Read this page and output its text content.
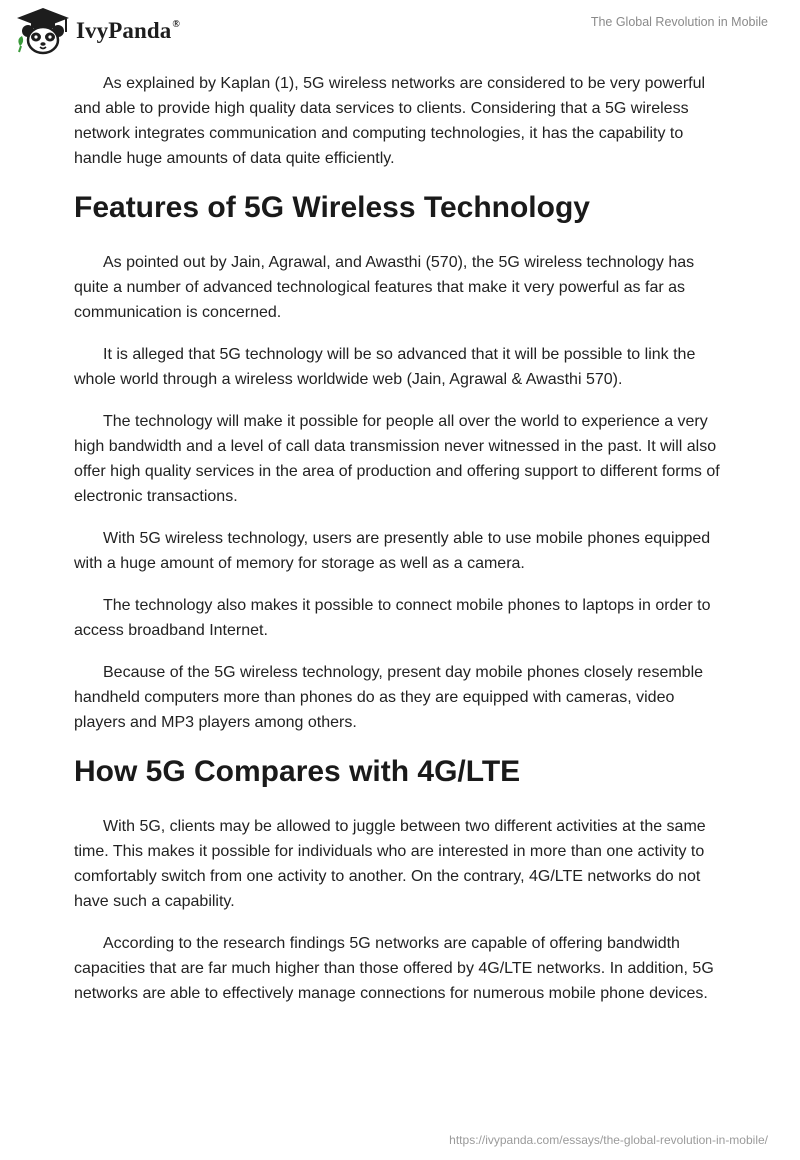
IvyPanda®	The Global Revolution in Mobile

As explained by Kaplan (1), 5G wireless networks are considered to be very powerful and able to provide high quality data services to clients. Considering that a 5G wireless network integrates communication and computing technologies, it has the capability to handle huge amounts of data quite efficiently.

Features of 5G Wireless Technology

As pointed out by Jain, Agrawal, and Awasthi (570), the 5G wireless technology has quite a number of advanced technological features that make it very powerful as far as communication is concerned.

It is alleged that 5G technology will be so advanced that it will be possible to link the whole world through a wireless worldwide web (Jain, Agrawal & Awasthi 570).

The technology will make it possible for people all over the world to experience a very high bandwidth and a level of call data transmission never witnessed in the past. It will also offer high quality services in the area of production and offering support to different forms of electronic transactions.

With 5G wireless technology, users are presently able to use mobile phones equipped with a huge amount of memory for storage as well as a camera.

The technology also makes it possible to connect mobile phones to laptops in order to access broadband Internet.

Because of the 5G wireless technology, present day mobile phones closely resemble handheld computers more than phones do as they are equipped with cameras, video players and MP3 players among others.

How 5G Compares with 4G/LTE

With 5G, clients may be allowed to juggle between two different activities at the same time. This makes it possible for individuals who are interested in more than one activity to comfortably switch from one activity to another. On the contrary, 4G/LTE networks do not have such a capability.

According to the research findings 5G networks are capable of offering bandwidth capacities that are far much higher than those offered by 4G/LTE networks. In addition, 5G networks are able to effectively manage connections for numerous mobile phone devices.

https://ivypanda.com/essays/the-global-revolution-in-mobile/
